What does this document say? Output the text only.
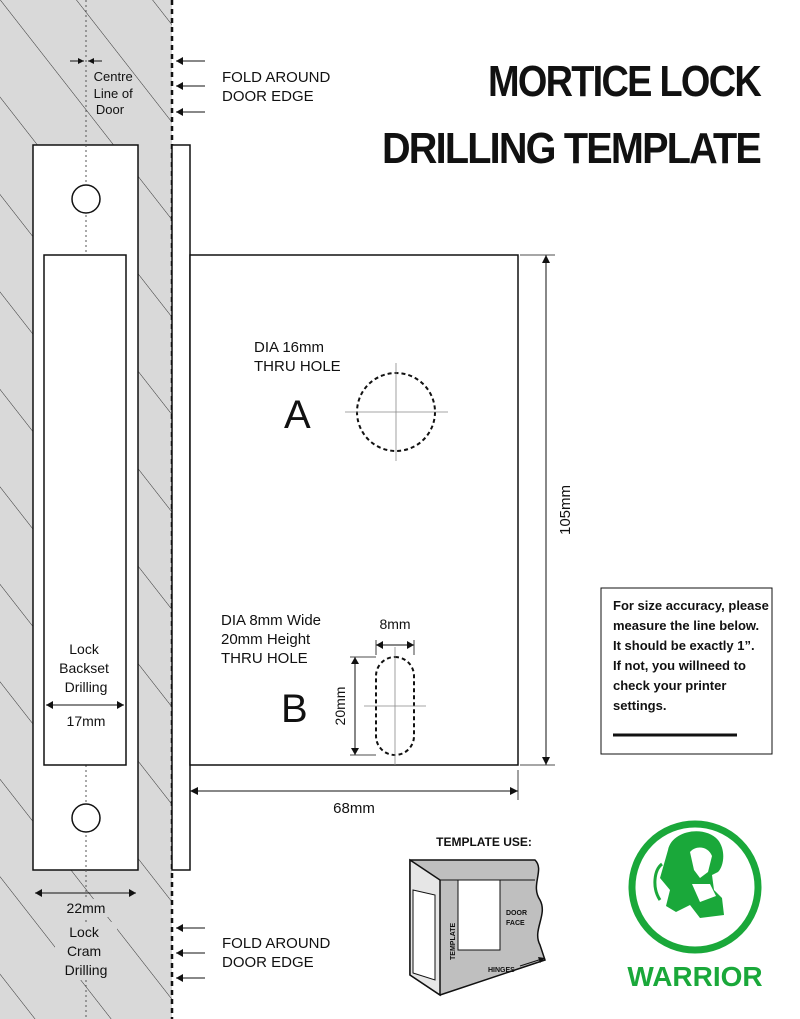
Centre Line of Door
Lock Backset Drilling
17mm
22mm
Lock Cram Drilling
FOLD AROUND DOOR EDGE
FOLD AROUND DOOR EDGE
DIA 16mm THRU HOLE
A
DIA 8mm Wide 20mm Height THRU HOLE
B
8mm
20mm
105mm
68mm
MORTICE LOCK
DRILLING TEMPLATE
For size accuracy, please measure the line below. It should be exactly 1”. If not, you willneed to check your printer settings.
TEMPLATE USE:
TEMPLATE
DOOR FACE
HINGES	WARRIOR
